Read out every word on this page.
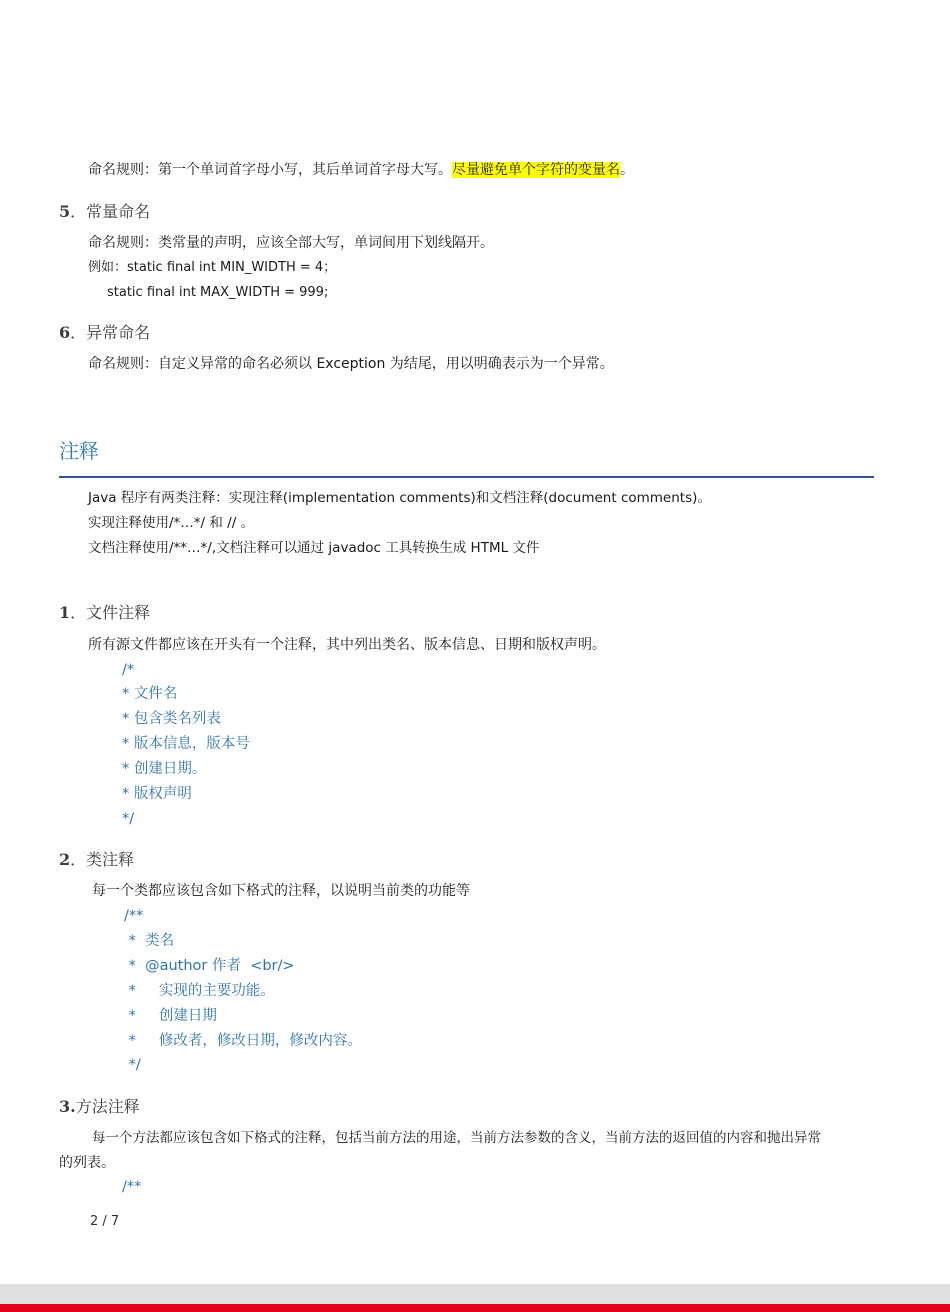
命名规则：第一个单词首字母小写，其后单词首字母大写。尽量避免单个字符的变量名。
5．常量命名
命名规则：类常量的声明，应该全部大写，单词间用下划线隔开。
例如：static final int MIN_WIDTH = 4；
static final int MAX_WIDTH = 999;
6．异常命名
命名规则：自定义异常的命名必须以 Exception 为结尾，用以明确表示为一个异常。
注释
Java 程序有两类注释：实现注释(implementation comments)和文档注释(document comments)。
实现注释使用/*…*/ 和 // 。
文档注释使用/**…*/,文档注释可以通过 javadoc 工具转换生成 HTML 文件
1．文件注释
所有源文件都应该在开头有一个注释，其中列出类名、版本信息、日期和版权声明。
/*
* 文件名
* 包含类名列表
* 版本信息，版本号
* 创建日期。
* 版权声明
*/
2．类注释
每一个类都应该包含如下格式的注释，以说明当前类的功能等
/**
*  类名
*  @author 作者  <br/>
*     实现的主要功能。
*     创建日期
*     修改者，修改日期，修改内容。
*/
3.方法注释
每一个方法都应该包含如下格式的注释，包括当前方法的用途，当前方法参数的含义，当前方法的返回值的内容和抛出异常
的列表。
/**
2 / 7
